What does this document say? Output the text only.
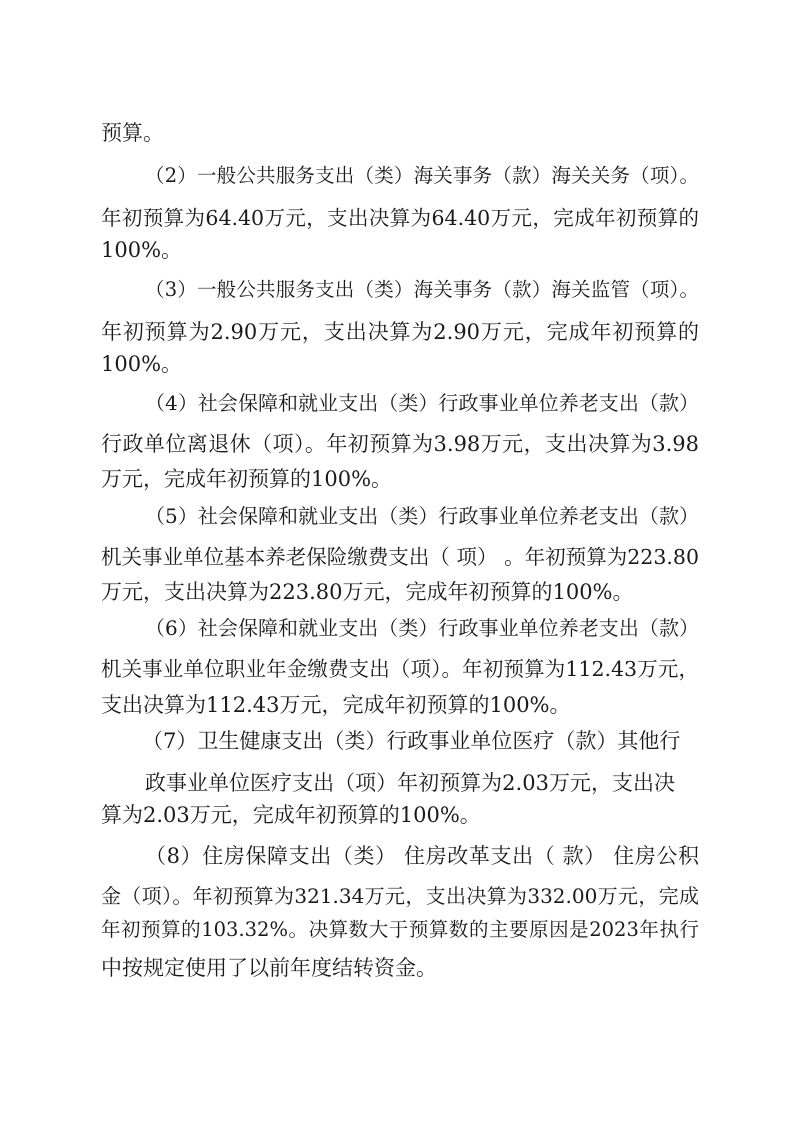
预算。
（2）一般公共服务支出（类）海关事务（款）海关关务（项）。
年初预算为64.40万元，支出决算为64.40万元，完成年初预算的
100%。
（3）一般公共服务支出（类）海关事务（款）海关监管（项）。
年初预算为2.90万元，支出决算为2.90万元，完成年初预算的
100%。
（4）社会保障和就业支出（类）行政事业单位养老支出（款）
行政单位离退休（项）。年初预算为3.98万元，支出决算为3.98
万元，完成年初预算的100%。
（5）社会保障和就业支出（类）行政事业单位养老支出（款）
机关事业单位基本养老保险缴费支出（ 项） 。年初预算为223.80
万元，支出决算为223.80万元，完成年初预算的100%。
（6）社会保障和就业支出（类）行政事业单位养老支出（款）
机关事业单位职业年金缴费支出（项）。年初预算为112.43万元，
支出决算为112.43万元，完成年初预算的100%。
（7）卫生健康支出（类）行政事业单位医疗（款）其他行
政事业单位医疗支出（项）年初预算为2.03万元，支出决
算为2.03万元，完成年初预算的100%。
（8）住房保障支出（类） 住房改革支出（ 款） 住房公积
金（项）。年初预算为321.34万元，支出决算为332.00万元，完成
年初预算的103.32%。决算数大于预算数的主要原因是2023年执行
中按规定使用了以前年度结转资金。
